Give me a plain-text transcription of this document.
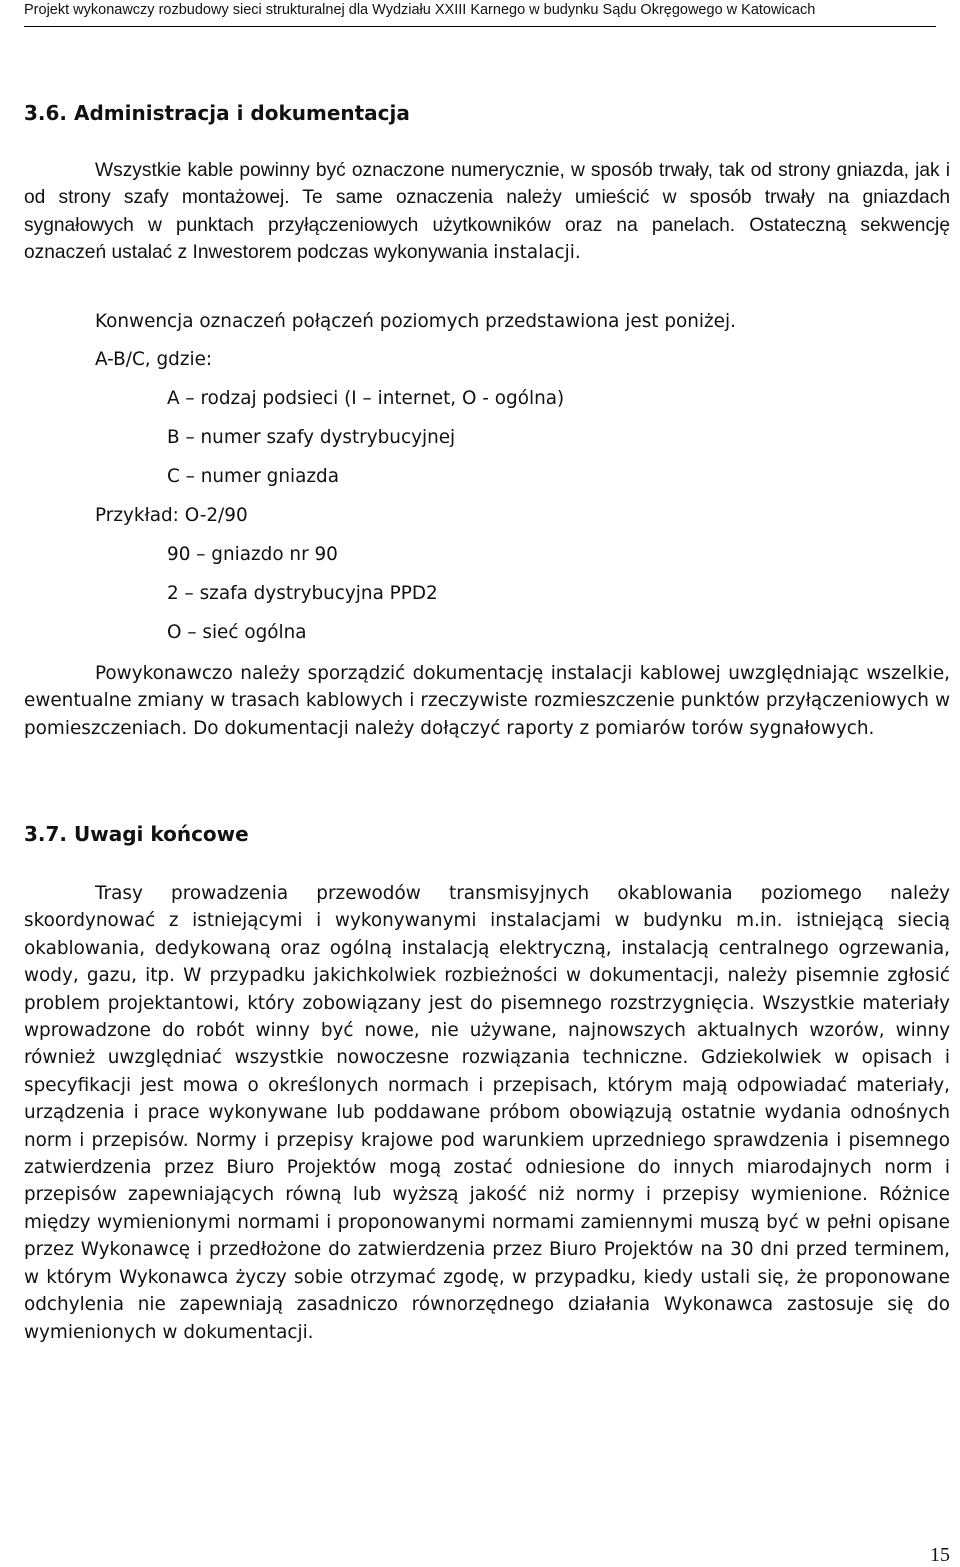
Projekt wykonawczy rozbudowy sieci strukturalnej dla Wydziału XXIII Karnego w budynku Sądu Okręgowego w Katowicach
3.6. Administracja i dokumentacja

Wszystkie kable powinny być oznaczone numerycznie, w sposób trwały, tak od strony gniazda, jak i od strony szafy montażowej. Te same oznaczenia należy umieścić w sposób trwały na gniazdach sygnałowych w punktach przyłączeniowych użytkowników oraz na panelach. Ostateczną sekwencję oznaczeń ustalać z Inwestorem podczas wykonywania instalacji.

Konwencja oznaczeń połączeń poziomych przedstawiona jest poniżej.

A-B/C, gdzie:

A – rodzaj podsieci (I – internet, O - ogólna)

B – numer szafy dystrybucyjnej

C – numer gniazda

Przykład: O-2/90

90 – gniazdo nr 90

2 – szafa dystrybucyjna PPD2

O – sieć ogólna

Powykonawczo należy sporządzić dokumentację instalacji kablowej uwzględniając wszelkie, ewentualne zmiany w trasach kablowych i rzeczywiste rozmieszczenie punktów przyłączeniowych w pomieszczeniach. Do dokumentacji należy dołączyć raporty z pomiarów torów sygnałowych.

3.7. Uwagi końcowe

Trasy prowadzenia przewodów transmisyjnych okablowania poziomego należy skoordynować z istniejącymi i wykonywanymi instalacjami w budynku m.in. istniejącą siecią okablowania, dedykowaną oraz ogólną instalacją elektryczną, instalacją centralnego ogrzewania, wody, gazu, itp. W przypadku jakichkolwiek rozbieżności w dokumentacji, należy pisemnie zgłosić problem projektantowi, który zobowiązany jest do pisemnego rozstrzygnięcia. Wszystkie materiały wprowadzone do robót winny być nowe, nie używane, najnowszych aktualnych wzorów, winny również uwzględniać wszystkie nowoczesne rozwiązania techniczne. Gdziekolwiek w opisach i specyfikacji jest mowa o określonych normach i przepisach, którym mają odpowiadać materiały, urządzenia i prace wykonywane lub poddawane próbom obowiązują ostatnie wydania odnośnych norm i przepisów. Normy i przepisy krajowe pod warunkiem uprzedniego sprawdzenia i pisemnego zatwierdzenia przez Biuro Projektów mogą zostać odniesione do innych miarodajnych norm i przepisów zapewniających równą lub wyższą jakość niż normy i przepisy wymienione. Różnice między wymienionymi normami i proponowanymi normami zamiennymi muszą być w pełni opisane przez Wykonawcę i przedłożone do zatwierdzenia przez Biuro Projektów na 30 dni przed terminem, w którym Wykonawca życzy sobie otrzymać zgodę, w przypadku, kiedy ustali się, że proponowane odchylenia nie zapewniają zasadniczo równorzędnego działania Wykonawca zastosuje się do wymienionych w dokumentacji.

15
